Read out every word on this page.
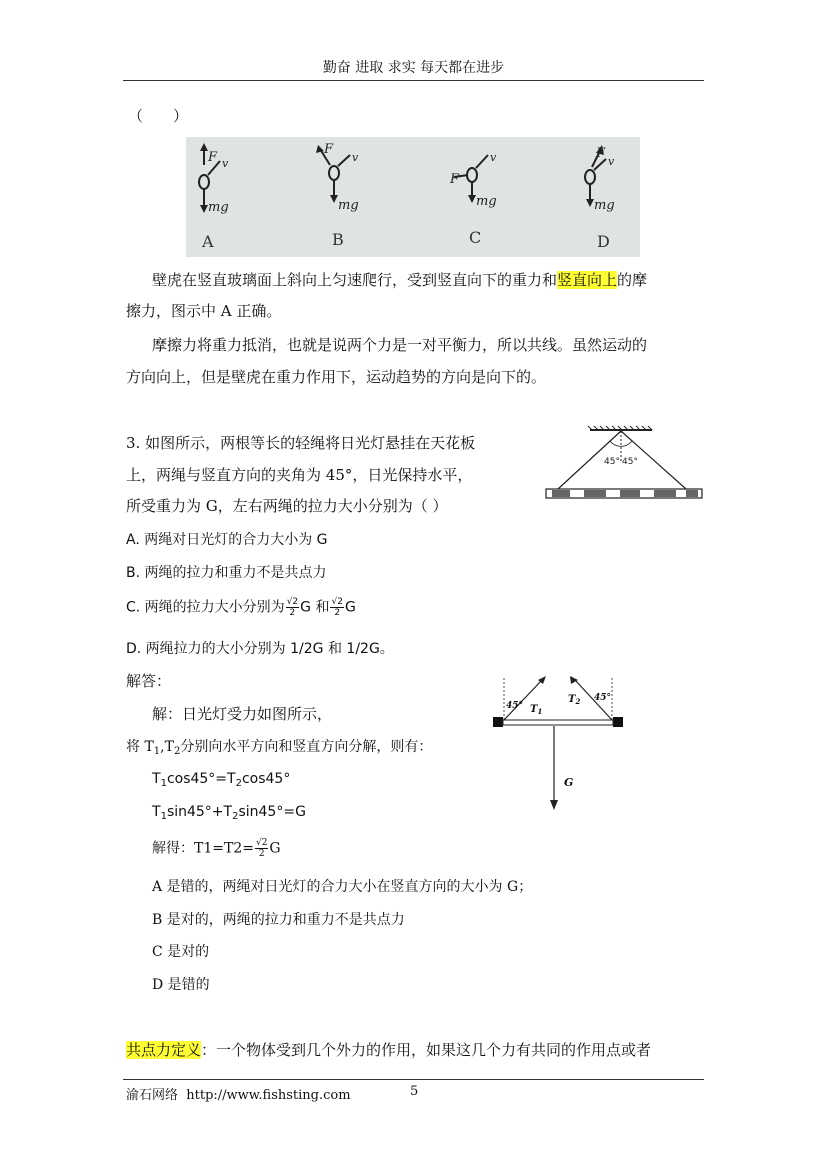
勤奋 进取 求实 每天都在进步
（　　）
F v
mg
F
v
mg
F
v
mg
F
v
mg
A	B	C	D
壁虎在竖直玻璃面上斜向上匀速爬行，受到竖直向下的重力和竖直向上的摩
擦力，图示中 A 正确。
摩擦力将重力抵消，也就是说两个力是一对平衡力，所以共线。虽然运动的
方向向上，但是壁虎在重力作用下，运动趋势的方向是向下的。
3. 如图所示，两根等长的轻绳将日光灯悬挂在天花板
上，两绳与竖直方向的夹角为 45°，日光保持水平，
所受重力为 G，左右两绳的拉力大小分别为（ ）
45° 45°
A. 两绳对日光灯的合力大小为 G
B. 两绳的拉力和重力不是共点力
C. 两绳的拉力大小分别为 $\frac{√2}{2}$ G 和 $\frac{√2}{2}$ G
D. 两绳拉力的大小分别为 1/2G 和 1/2G。
解答：
解：日光灯受力如图所示，
将 $T_1,T_2$分别向水平方向和竖直方向分解，则有：
$T_1\cos 45^\circ=T_2\cos 45^\circ$
$T_1\sin 45^\circ+T_2\sin 45^\circ=G$
解得：$T1=T2= \frac{√2}{2}$ G
45°
45°
$T_1$
$T_2$
G
A 是错的，两绳对日光灯的合力大小在竖直方向的大小为 G；
B 是对的，两绳的拉力和重力不是共点力
C 是对的
D 是错的
共点力定义：一个物体受到几个外力的作用，如果这几个力有共同的作用点或者
渝石网络  http://www.fishsting.com	5
